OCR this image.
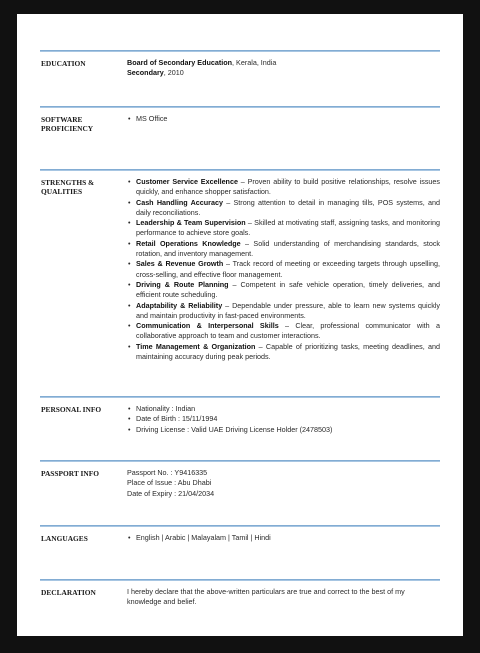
EDUCATION	Board of Secondary Education, Kerala, India
Secondary, 2010
SOFTWARE PROFICIENCY
• MS Office
STRENGTHS & QUALITIES
• Customer Service Excellence – Proven ability to build positive relationships, resolve issues quickly, and enhance shopper satisfaction.
• Cash Handling Accuracy – Strong attention to detail in managing tills, POS systems, and daily reconciliations.
• Leadership & Team Supervision – Skilled at motivating staff, assigning tasks, and monitoring performance to achieve store goals.
• Retail Operations Knowledge – Solid understanding of merchandising standards, stock rotation, and inventory management.
• Sales & Revenue Growth – Track record of meeting or exceeding targets through upselling, cross-selling, and effective floor management.
• Driving & Route Planning – Competent in safe vehicle operation, timely deliveries, and efficient route scheduling.
• Adaptability & Reliability – Dependable under pressure, able to learn new systems quickly and maintain productivity in fast-paced environments.
• Communication & Interpersonal Skills – Clear, professional communicator with a collaborative approach to team and customer interactions.
• Time Management & Organization – Capable of prioritizing tasks, meeting deadlines, and maintaining accuracy during peak periods.
PERSONAL INFO	• Nationality : Indian
• Date of Birth : 15/11/1994
• Driving License : Valid UAE Driving License Holder (2478503)
PASSPORT INFO	Passport No. : Y9416335

Place of Issue : Abu Dhabi

Date of Expiry : 21/04/2034

LANGUAGES	• English | Arabic | Malayalam | Tamil | Hindi
DECLARATION	I hereby declare that the above-written particulars are true and correct to the best of my knowledge and belief.
